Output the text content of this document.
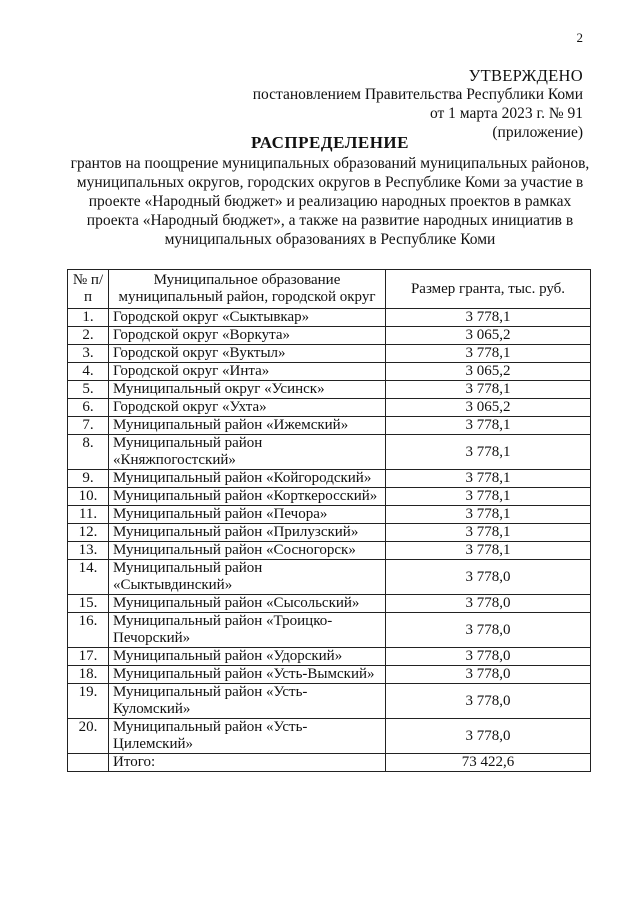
2
УТВЕРЖДЕНО
постановлением Правительства Республики Коми
от 1 марта 2023 г. № 91
(приложение)
РАСПРЕДЕЛЕНИЕ
грантов на поощрение муниципальных образований муниципальных районов, муниципальных округов, городских округов в Республике Коми за участие в проекте «Народный бюджет» и реализацию народных проектов в рамках проекта «Народный бюджет», а также на развитие народных инициатив в муниципальных образованиях в Республике Коми
№ п/п	Муниципальное образование муниципальный район, городской округ	Размер гранта, тыс. руб.
1.	Городской округ «Сыктывкар»	3 778,1
2.	Городской округ «Воркута»	3 065,2
3.	Городской округ «Вуктыл»	3 778,1
4.	Городской округ «Инта»	3 065,2
5.	Муниципальный округ «Усинск»	3 778,1
6.	Городской округ «Ухта»	3 065,2
7.	Муниципальный район «Ижемский»	3 778,1
8.	Муниципальный район «Княжпогостский»	3 778,1
9.	Муниципальный район «Койгородский»	3 778,1
10.	Муниципальный район «Корткеросский»	3 778,1
11.	Муниципальный район «Печора»	3 778,1
12.	Муниципальный район «Прилузский»	3 778,1
13.	Муниципальный район «Сосногорск»	3 778,1
14.	Муниципальный район «Сыктывдинский»	3 778,0
15.	Муниципальный район «Сысольский»	3 778,0
16.	Муниципальный район «Троицко-Печорский»	3 778,0
17.	Муниципальный район «Удорский»	3 778,0
18.	Муниципальный район «Усть-Вымский»	3 778,0
19.	Муниципальный район «Усть-Куломский»	3 778,0
20.	Муниципальный район «Усть-Цилемский»	3 778,0
	Итого:	73 422,6
